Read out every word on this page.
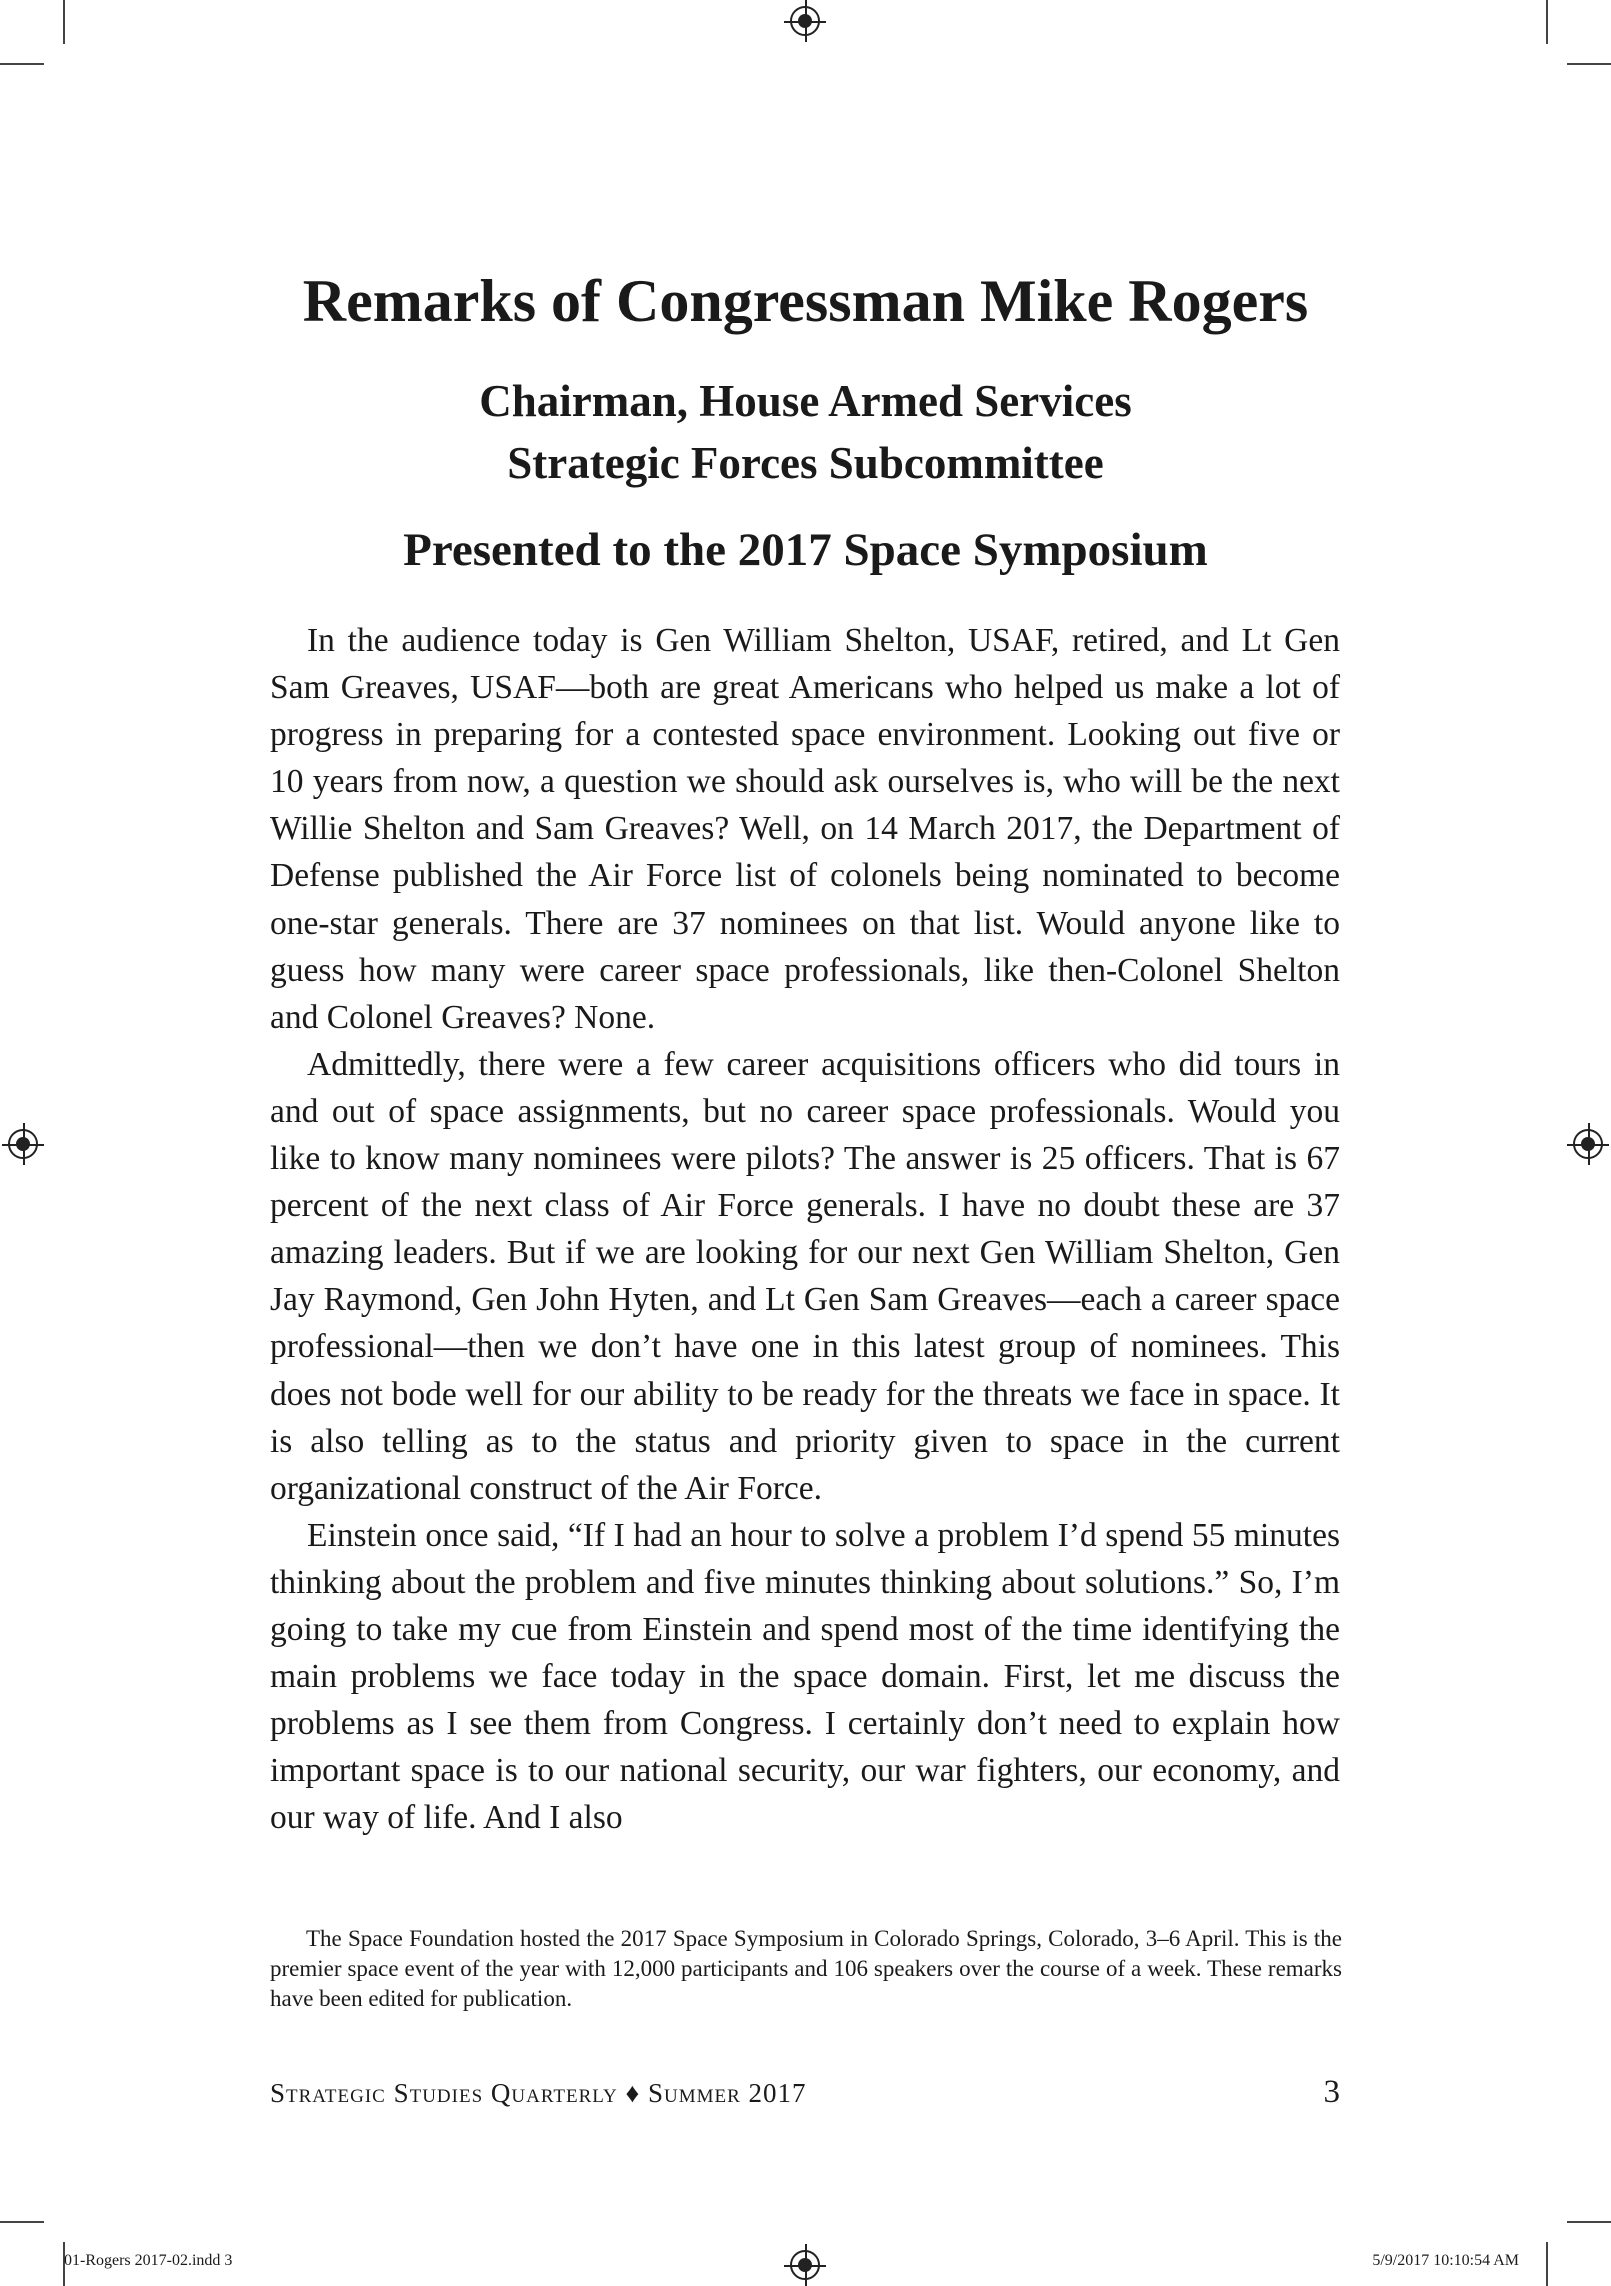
Remarks of Congressman Mike Rogers
Chairman, House Armed Services
Strategic Forces Subcommittee
Presented to the 2017 Space Symposium

In the audience today is Gen William Shelton, USAF, retired, and Lt Gen Sam Greaves, USAF—both are great Americans who helped us make a lot of progress in preparing for a contested space environment. Looking out five or 10 years from now, a question we should ask ourselves is, who will be the next Willie Shelton and Sam Greaves? Well, on 14 March 2017, the Department of Defense published the Air Force list of colonels being nominated to become one-star generals. There are 37 nominees on that list. Would anyone like to guess how many were career space professionals, like then-Colonel Shelton and Colonel Greaves? None.

Admittedly, there were a few career acquisitions officers who did tours in and out of space assignments, but no career space professionals. Would you like to know many nominees were pilots? The answer is 25 officers. That is 67 percent of the next class of Air Force generals. I have no doubt these are 37 amazing leaders. But if we are looking for our next Gen William Shelton, Gen Jay Raymond, Gen John Hyten, and Lt Gen Sam Greaves—each a career space professional—then we don’t have one in this latest group of nominees. This does not bode well for our ability to be ready for the threats we face in space. It is also telling as to the status and priority given to space in the current organizational construct of the Air Force.

Einstein once said, “If I had an hour to solve a problem I’d spend 55 minutes thinking about the problem and five minutes thinking about solutions.” So, I’m going to take my cue from Einstein and spend most of the time identifying the main problems we face today in the space domain. First, let me discuss the problems as I see them from Congress. I certainly don’t need to explain how important space is to our national security, our war fighters, our economy, and our way of life. And I also

The Space Foundation hosted the 2017 Space Symposium in Colorado Springs, Colorado, 3–6 April. This is the premier space event of the year with 12,000 participants and 106 speakers over the course of a week. These remarks have been edited for publication.

Strategic Studies Quarterly ♦ Summer 2017	3
01-Rogers 2017-02.indd 3	5/9/2017 10:10:54 AM
